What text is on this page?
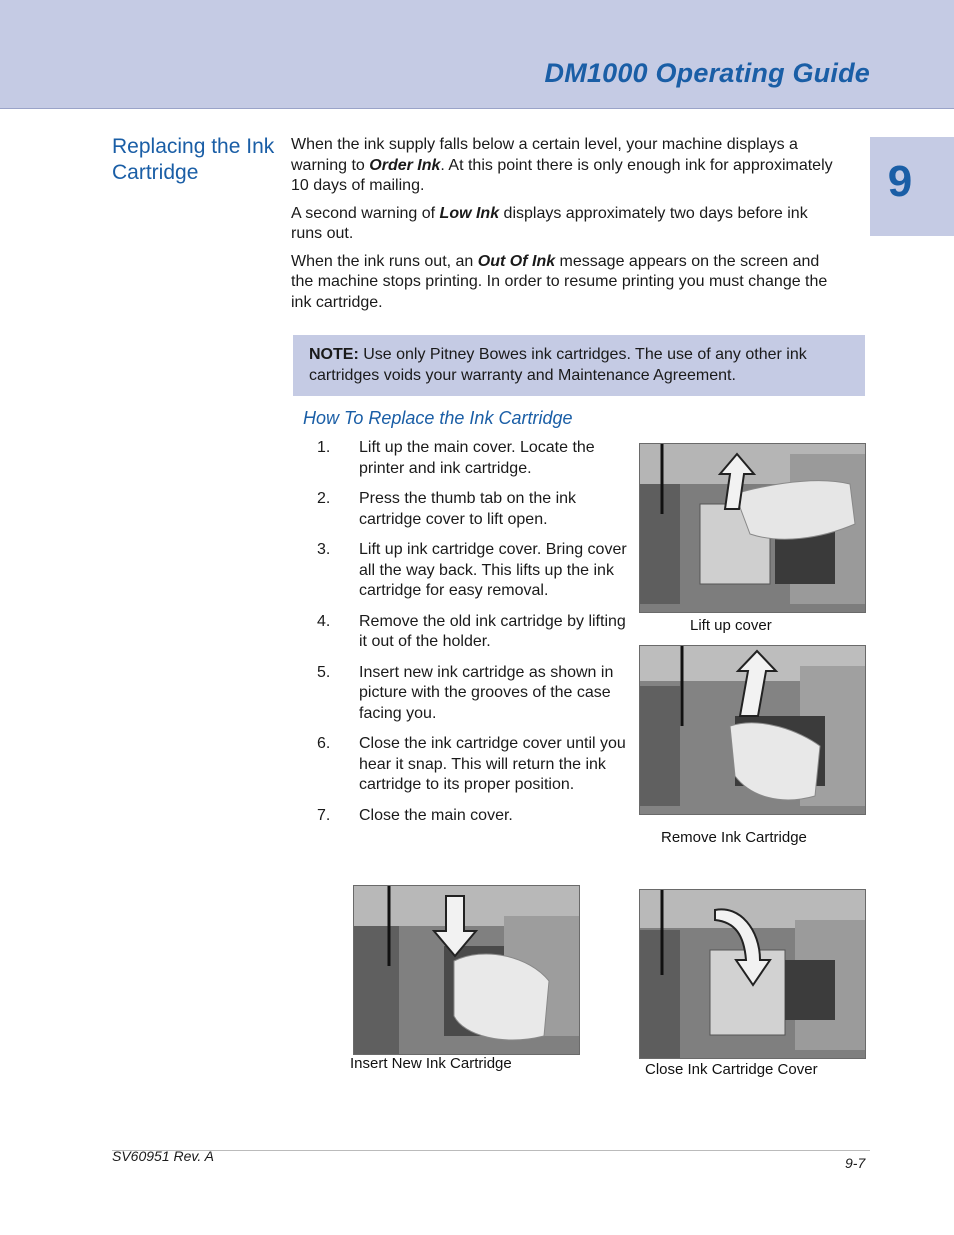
DM1000 Operating Guide
9
Replacing the Ink Cartridge

When the ink supply falls below a certain level, your machine displays a warning to Order Ink. At this point there is only enough ink for approximately 10 days of mailing.

A second warning of Low Ink displays approximately two days before ink runs out.

When the ink runs out, an Out Of Ink message appears on the screen and the machine stops printing. In order to resume printing you must change the ink cartridge.

NOTE: Use only Pitney Bowes ink cartridges. The use of any other ink cartridges voids your warranty and Maintenance Agreement.
How To Replace the Ink Cartridge
1. Lift up the main cover. Locate the printer and ink cartridge.
2. Press the thumb tab on the ink cartridge cover to lift open.
3. Lift up ink cartridge cover. Bring cover all the way back. This lifts up the ink cartridge for easy removal.
4. Remove the old ink cartridge by lifting it out of the holder.
5. Insert new ink cartridge as shown in picture with the grooves of the case facing you.
6. Close the ink cartridge cover until you hear it snap. This will return the ink cartridge to its proper position.
7. Close the main cover.
Lift up cover
Remove Ink Cartridge
Insert New Ink Cartridge	Close Ink Cartridge Cover
SV60951 Rev. A	9-7
